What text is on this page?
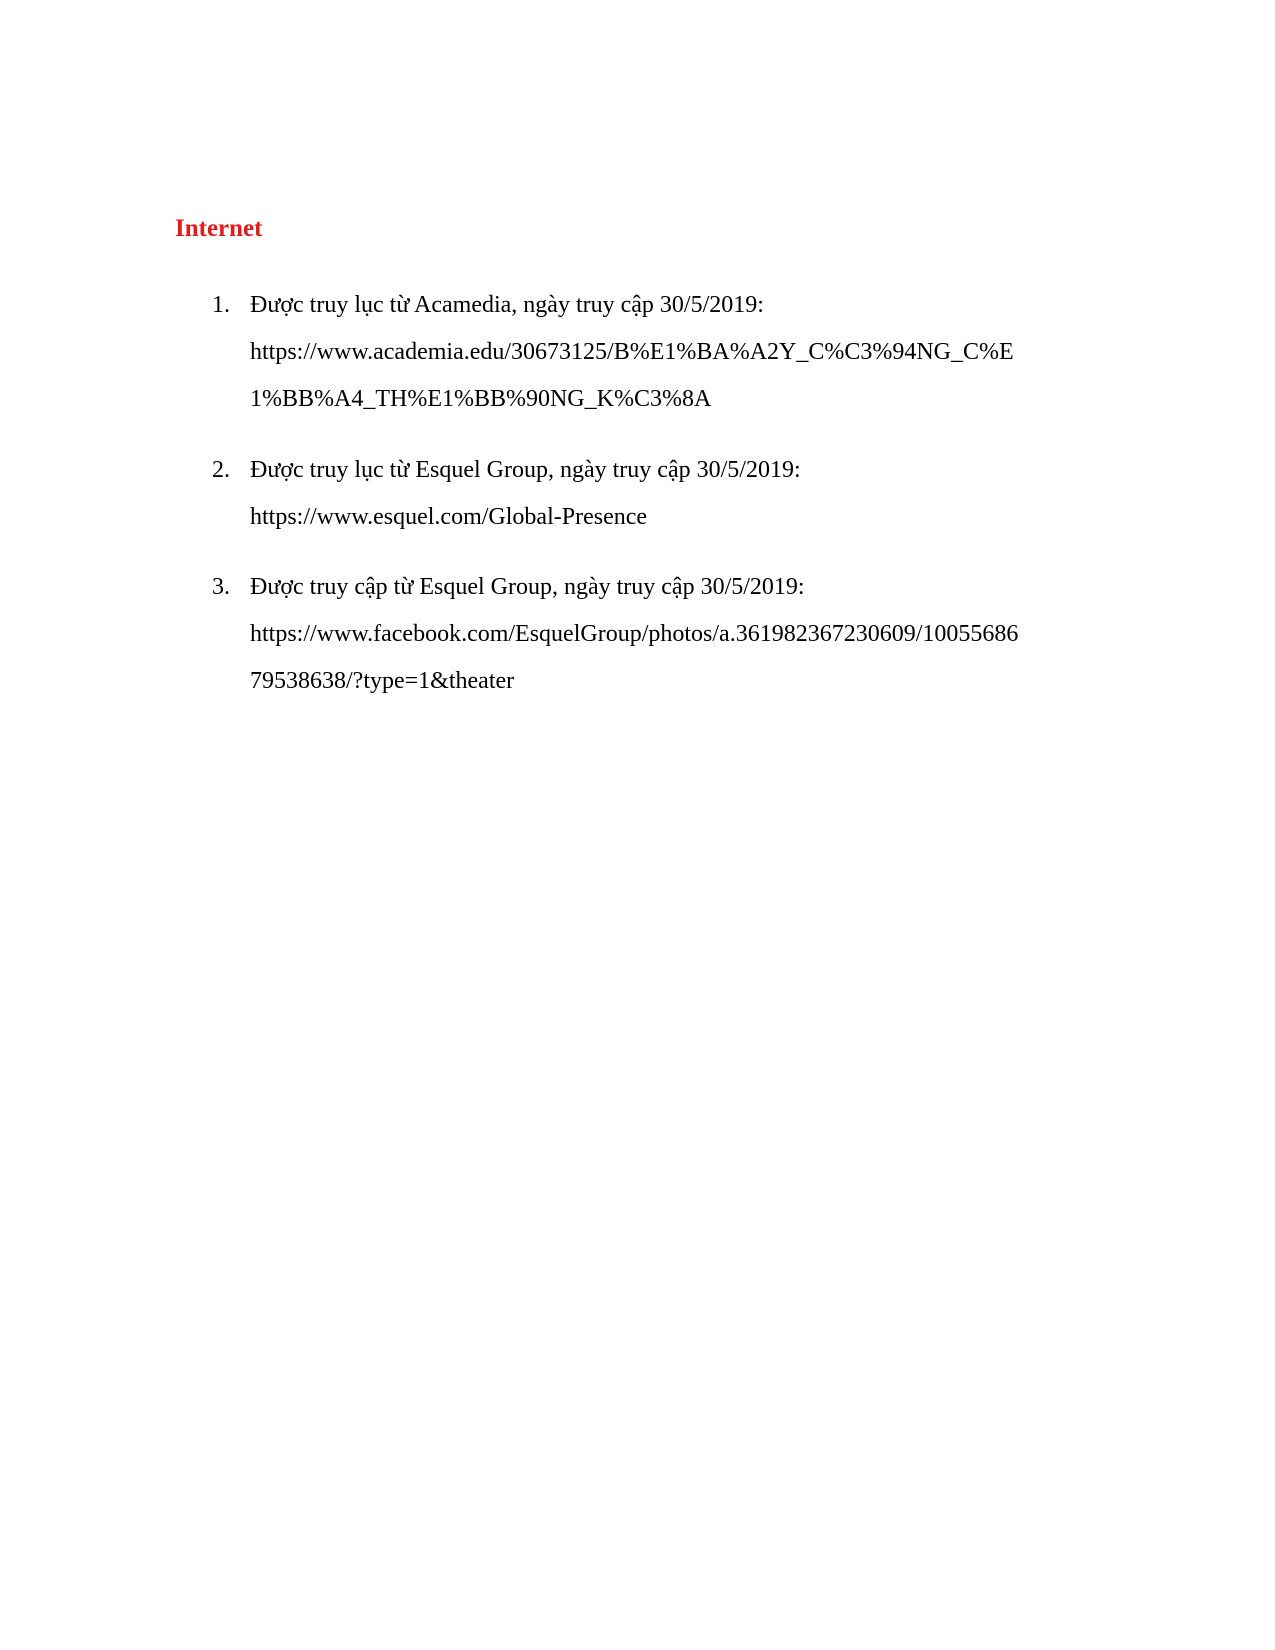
Internet
1. Được truy lục từ Acamedia, ngày truy cập 30/5/2019:
https://www.academia.edu/30673125/B%E1%BA%A2Y_C%C3%94NG_C%E
1%BB%A4_TH%E1%BB%90NG_K%C3%8A
2. Được truy lục từ Esquel Group, ngày truy cập 30/5/2019:
https://www.esquel.com/Global-Presence
3. Được truy cập từ Esquel Group, ngày truy cập 30/5/2019:
https://www.facebook.com/EsquelGroup/photos/a.361982367230609/10055686
79538638/?type=1&theater
